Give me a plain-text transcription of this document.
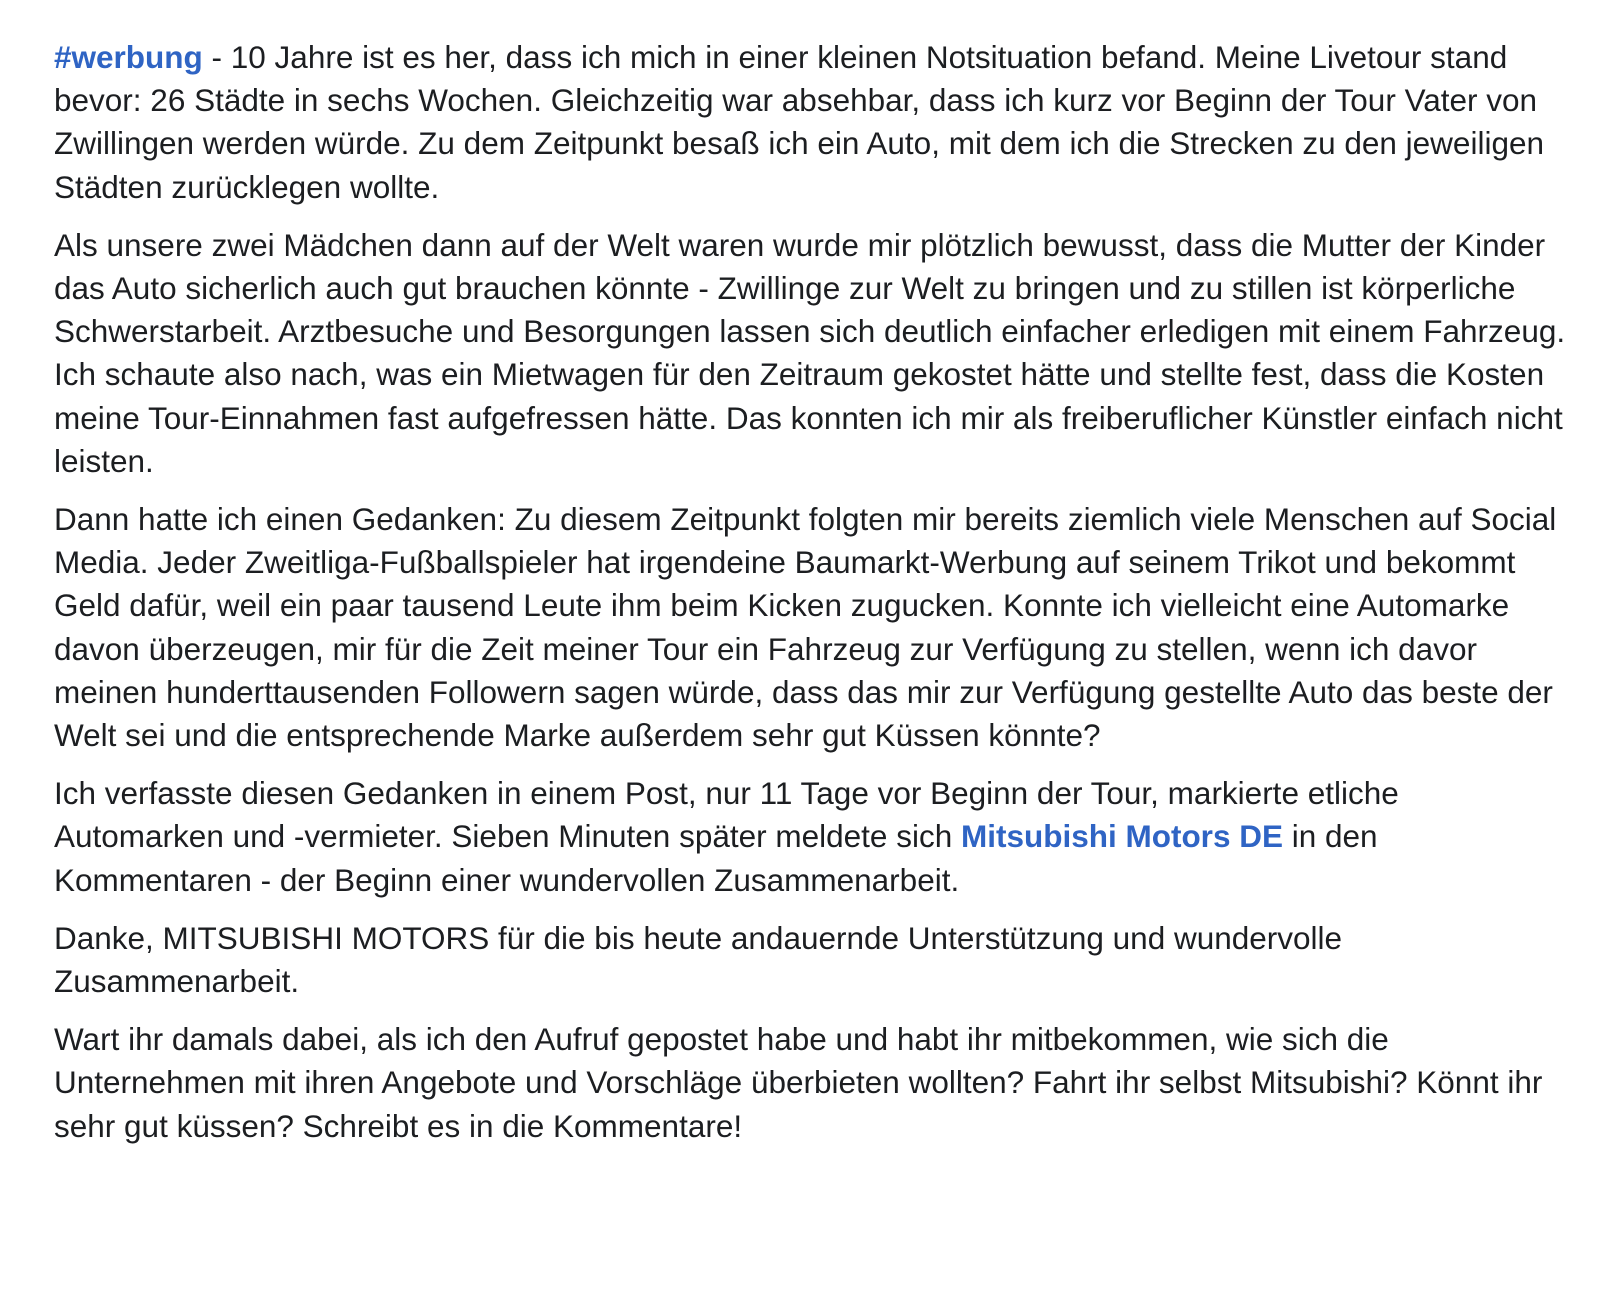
#werbung - 10 Jahre ist es her, dass ich mich in einer kleinen Notsituation befand. Meine Livetour stand bevor: 26 Städte in sechs Wochen. Gleichzeitig war absehbar, dass ich kurz vor Beginn der Tour Vater von Zwillingen werden würde. Zu dem Zeitpunkt besaß ich ein Auto, mit dem ich die Strecken zu den jeweiligen Städten zurücklegen wollte.

Als unsere zwei Mädchen dann auf der Welt waren wurde mir plötzlich bewusst, dass die Mutter der Kinder das Auto sicherlich auch gut brauchen könnte - Zwillinge zur Welt zu bringen und zu stillen ist körperliche Schwerstarbeit. Arztbesuche und Besorgungen lassen sich deutlich einfacher erledigen mit einem Fahrzeug.

Ich schaute also nach, was ein Mietwagen für den Zeitraum gekostet hätte und stellte fest, dass die Kosten meine Tour-Einnahmen fast aufgefressen hätte. Das konnten ich mir als freiberuflicher Künstler einfach nicht leisten.

Dann hatte ich einen Gedanken: Zu diesem Zeitpunkt folgten mir bereits ziemlich viele Menschen auf Social Media. Jeder Zweitliga-Fußballspieler hat irgendeine Baumarkt-Werbung auf seinem Trikot und bekommt Geld dafür, weil ein paar tausend Leute ihm beim Kicken zugucken. Konnte ich vielleicht eine Automarke davon überzeugen, mir für die Zeit meiner Tour ein Fahrzeug zur Verfügung zu stellen, wenn ich davor meinen hunderttausenden Followern sagen würde, dass das mir zur Verfügung gestellte Auto das beste der Welt sei und die entsprechende Marke außerdem sehr gut Küssen könnte?

Ich verfasste diesen Gedanken in einem Post, nur 11 Tage vor Beginn der Tour, markierte etliche Automarken und -vermieter. Sieben Minuten später meldete sich Mitsubishi Motors DE in den Kommentaren - der Beginn einer wundervollen Zusammenarbeit.

Danke, MITSUBISHI MOTORS für die bis heute andauernde Unterstützung und wundervolle Zusammenarbeit.

Wart ihr damals dabei, als ich den Aufruf gepostet habe und habt ihr mitbekommen, wie sich die Unternehmen mit ihren Angebote und Vorschläge überbieten wollten? Fahrt ihr selbst Mitsubishi? Könnt ihr sehr gut küssen? Schreibt es in die Kommentare!
